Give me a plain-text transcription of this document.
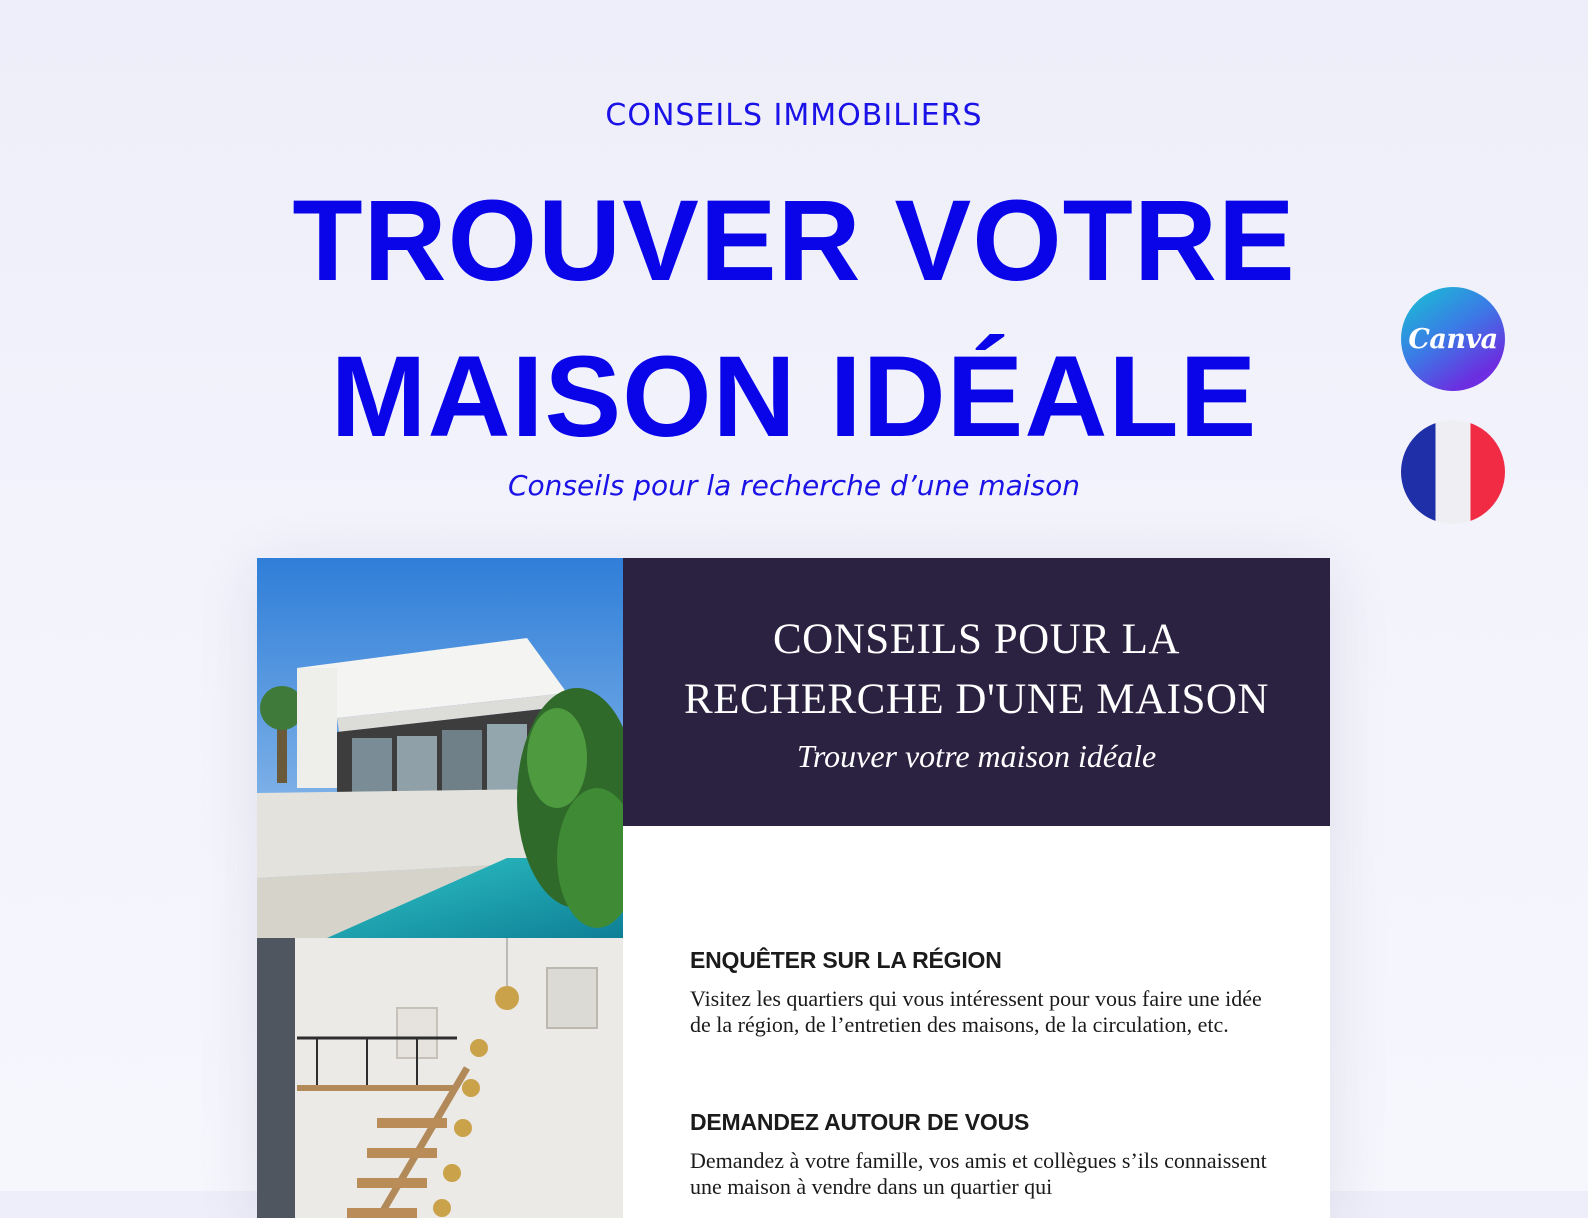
CONSEILS IMMOBILIERS
TROUVER VOTRE
MAISON IDÉALE
Conseils pour la recherche d’une maison
Canva
CONSEILS POUR LA
RECHERCHE D'UNE MAISON
Trouver votre maison idéale

ENQUÊTER SUR LA RÉGION

Visitez les quartiers qui vous intéressent pour vous faire une idée de la région, de l’entretien des maisons, de la circulation, etc.

DEMANDEZ AUTOUR DE VOUS

Demandez à votre famille, vos amis et collègues s’ils connaissent une maison à vendre dans un quartier qui
